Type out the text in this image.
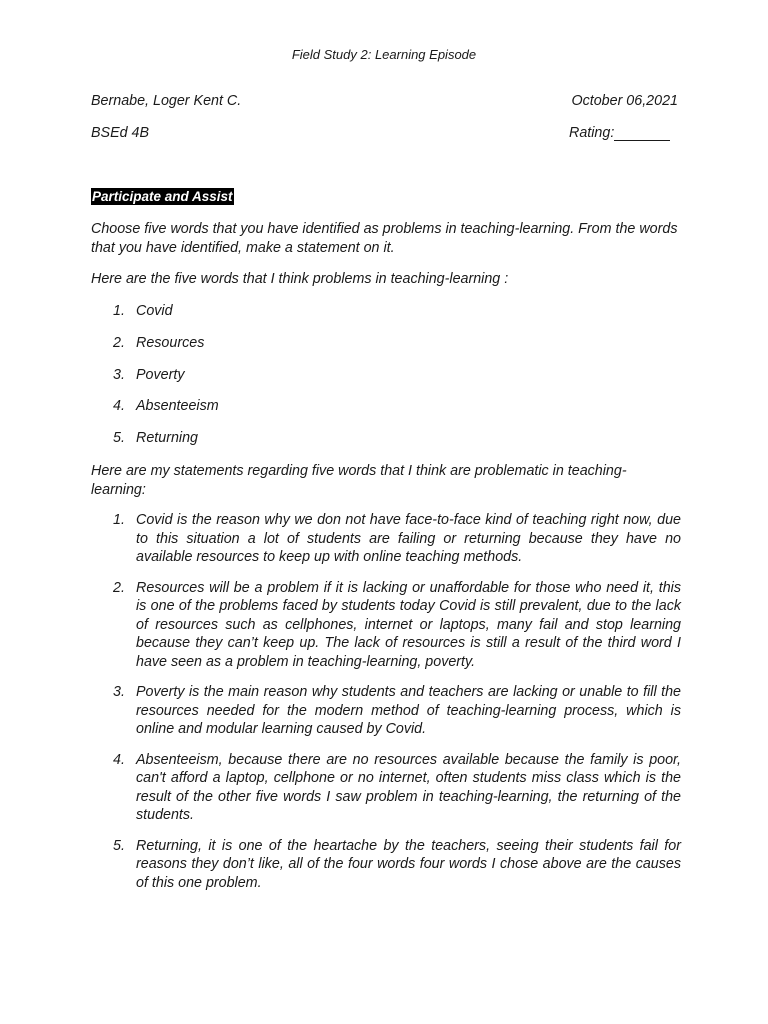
Field Study 2: Learning Episode
Bernabe, Loger Kent C.	October 06,2021
BSEd 4B	Rating:
Participate and Assist
Choose five words that you have identified as problems in teaching-learning. From the words that you have identified, make a statement on it.
Here are the five words that I think problems in teaching-learning :
1. Covid
2. Resources
3. Poverty
4. Absenteeism
5. Returning
Here are my statements regarding five words that I think are problematic in teaching-learning:
1. Covid is the reason why we don not have face-to-face kind of teaching right now, due to this situation a lot of students are failing or returning because they have no available resources to keep up with online teaching methods.
2. Resources will be a problem if it is lacking or unaffordable for those who need it, this is one of the problems faced by students today Covid is still prevalent, due to the lack of resources such as cellphones, internet or laptops, many fail and stop learning because they can’t keep up. The lack of resources is still a result of the third word I have seen as a problem in teaching-learning, poverty.
3. Poverty is the main reason why students and teachers are lacking or unable to fill the resources needed for the modern method of teaching-learning process, which is online and modular learning caused by Covid.
4. Absenteeism, because there are no resources available because the family is poor, can't afford a laptop, cellphone or no internet, often students miss class which is the result of the other five words I saw problem in teaching-learning, the returning of the students.
5. Returning, it is one of the heartache by the teachers, seeing their students fail for reasons they don’t like, all of the four words four words I chose above are the causes of this one problem.
